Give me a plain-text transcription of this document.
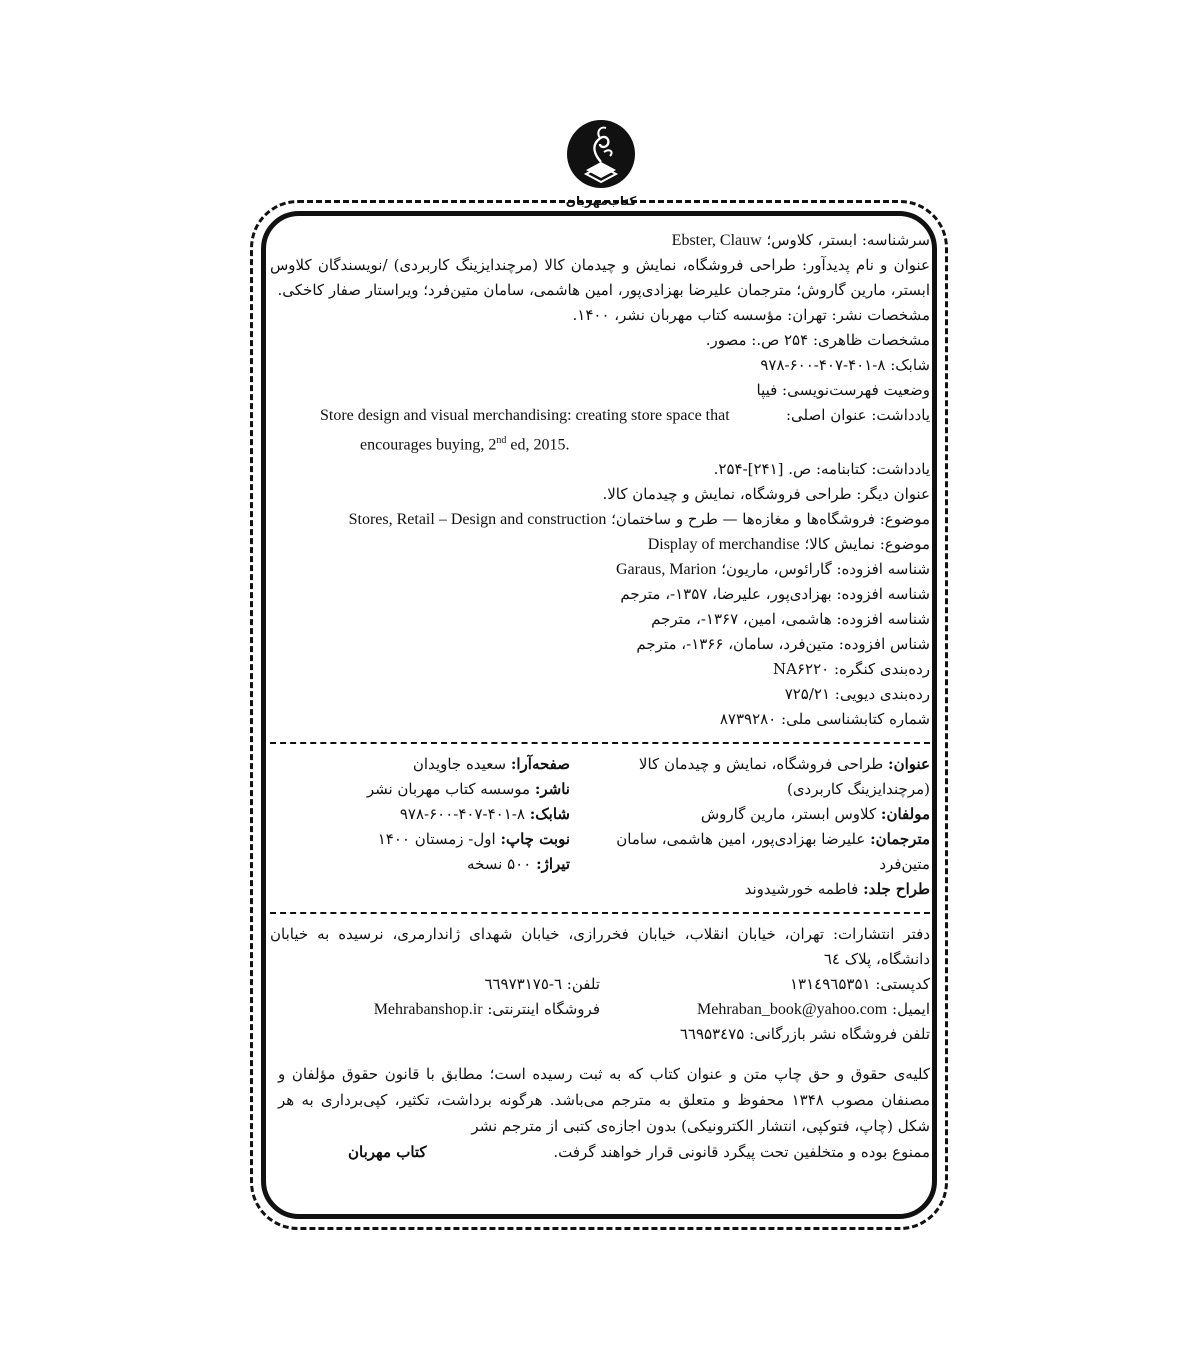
کتاب‌مهربان
سرشناسه: ابستر، کلاوس؛ Ebster, Clauw
عنوان و نام پدیدآور: طراحی فروشگاه، نمایش و چیدمان کالا (مرچندایزینگ کاربردی) /نویسندگان کلاوس ابستر، مارین گاروش؛ مترجمان علیرضا بهزادی‌پور، امین هاشمی، سامان متین‌فرد؛ ویراستار صفار کاخکی.
مشخصات نشر: تهران: مؤسسه کتاب مهربان نشر، ۱۴۰۰.
مشخصات ظاهری: ۲۵۴ ص.: مصور.
شابک: ۸-۴۰۱-۴۰۷-۶۰۰-۹۷۸
وضعیت فهرست‌نویسی: فیپا
یادداشت: عنوان اصلی:
Store design and visual merchandising: creating store space that
encourages buying, 2nd ed, 2015.
یادداشت: کتابنامه: ص. [۲۴۱]-۲۵۴.
عنوان دیگر: طراحی فروشگاه، نمایش و چیدمان کالا.
موضوع: فروشگاه‌ها و مغازه‌ها — طرح و ساختمان؛ Stores, Retail – Design and construction
موضوع: نمایش کالا؛ Display of merchandise
شناسه افزوده: گارائوس، ماریون؛ Garaus, Marion
شناسه افزوده: بهزادی‌پور، علیرضا، ۱۳۵۷-، مترجم
شناسه افزوده: هاشمی، امین، ۱۳۶۷-، مترجم
شناس افزوده: متین‌فرد، سامان، ۱۳۶۶-، مترجم
رده‌بندی کنگره: NA۶۲۲۰
رده‌بندی دیویی: ۷۲۵/۲۱
شماره کتابشناسی ملی: ۸۷۳۹۲۸۰
عنوان: طراحی فروشگاه، نمایش و چیدمان کالا
(مرچندایزینگ کاربردی)
مولفان: کلاوس ابستر، مارین گاروش
مترجمان: علیرضا بهزادی‌پور، امین هاشمی، سامان
متین‌فرد
طراح جلد: فاطمه خورشیدوند
صفحه‌آرا: سعیده جاویدان
ناشر: موسسه کتاب مهربان نشر
شابک: ۸-۴۰۱-۴۰۷-۶۰۰-۹۷۸
نوبت چاپ: اول- زمستان ۱۴۰۰
تیراژ: ۵۰۰ نسخه
دفتر انتشارات: تهران، خیابان انقلاب، خیابان فخررازی، خیابان شهدای ژاندارمری، نرسیده به خیابان دانشگاه، پلاک ٦٤
کدپستی: ۱۳۱٤۹٦۵۳۵۱
تلفن: ٦-٦٦٩٧٣١٧٥
ایمیل: Mehraban_book@yahoo.com
فروشگاه اینترنتی: Mehrabanshop.ir
تلفن فروشگاه نشر بازرگانی: ٦٦٩۵٣٤٧۵
کلیه‌ی حقوق و حق چاپ متن و عنوان کتاب که به ثبت رسیده است؛ مطابق با قانون حقوق مؤلفان و مصنفان مصوب ۱۳۴۸ محفوظ و متعلق به مترجم می‌باشد. هرگونه برداشت، تکثیر، کپی‌برداری به هر شکل (چاپ، فتوکپی، انتشار الکترونیکی) بدون اجازه‌ی کتبی از مترجم نشر
ممنوع بوده و متخلفین تحت پیگرد قانونی قرار خواهند گرفت.
کتاب مهربان
